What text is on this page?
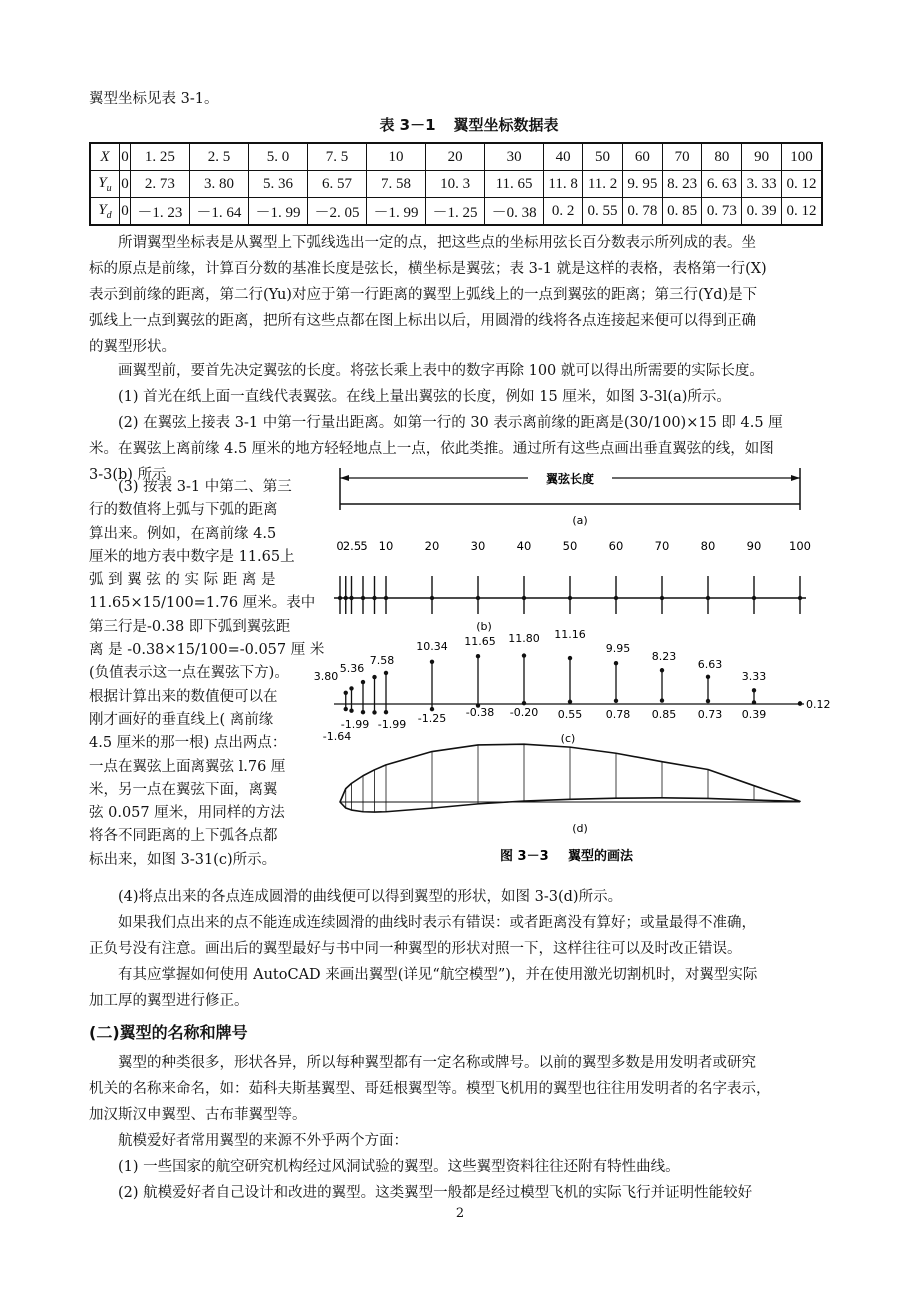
翼型坐标见表 3-1。

表 3－1 翼型坐标数据表
X	0	1. 25	2. 5	5. 0	7. 5	10	20	30	40	50	60	70	80	90	100
$Y_u$	0	2. 73	3. 80	5. 36	6. 57	7. 58	10. 3	11. 65	11. 8	11. 2	9. 95	8. 23	6. 63	3. 33	0. 12
$Y_d$	0	－1. 23	－1. 64	－1. 99	－2. 05	－1. 99	－1. 25	－0. 38	0. 2	0. 55	0. 78	0. 85	0. 73	0. 39	0. 12
所谓翼型坐标表是从翼型上下弧线选出一定的点，把这些点的坐标用弦长百分数表示所列成的表。坐
标的原点是前缘，计算百分数的基准长度是弦长，横坐标是翼弦；表 3-1 就是这样的表格，表格第一行(X)
表示到前缘的距离，第二行(Yu)对应于第一行距离的翼型上弧线上的一点到翼弦的距离；第三行(Yd)是下
弧线上一点到翼弦的距离，把所有这些点都在图上标出以后，用圆滑的线将各点连接起来便可以得到正确
的翼型形状。

画翼型前，要首先决定翼弦的长度。将弦长乘上表中的数字再除 100 就可以得出所需要的实际长度。

(1) 首光在纸上面一直线代表翼弦。在线上量出翼弦的长度，例如 15 厘米，如图 3-3l(a)所示。

(2) 在翼弦上接表 3-1 中第一行量出距离。如第一行的 30 表示离前缘的距离是(30/100)×15 即 4.5 厘
米。在翼弦上离前缘 4.5 厘米的地方轻轻地点上一点，依此类推。通过所有这些点画出垂直翼弦的线，如图
3-3(b) 所示。
(3) 按表 3-1 中第二、第三
行的数值将上弧与下弧的距离
算出来。例如，在离前缘 4.5
厘米的地方表中数字是 11.65上
弧 到 翼 弦 的 实 际 距 离 是
11.65×15/100=1.76 厘米。表中
第三行是-0.38 即下弧到翼弦距
离 是 -0.38×15/100=-0.057 厘 米
(负值表示这一点在翼弦下方)。
根据计算出来的数值便可以在
刚才画好的垂直线上( 离前缘
4.5 厘米的那一根) 点出两点：
一点在翼弦上面离翼弦 l.76 厘
米，另一点在翼弦下面，离翼
弦 0.057 厘米，用同样的方法
将各不同距离的上下弧各点都
标出来，如图 3-31(c)所示。
翼弦长度
(a)
0 2.5 5 10	20	30	40	50	60	70	80	90 100
(b)
3.80
5.36
7.58
10.34 11.65 11.80 11.16
9.95
8.23
6.63
3.33
-1.64
-1.99 -1.99 -1.25 -0.38 -0.20 0.55 0.78 0.85 0.73 0.39
0.12
(c)
(d)
图 3－3 翼型的画法

(4)将点出来的各点连成圆滑的曲线便可以得到翼型的形状，如图 3-3(d)所示。

如果我们点出来的点不能连成连续圆滑的曲线时表示有错误：或者距离没有算好；或量最得不准确，
正负号没有注意。画出后的翼型最好与书中同一种翼型的形状对照一下，这样往往可以及时改正错误。
有其应掌握如何使用 AutoCAD 来画出翼型(详见“航空模型”)，并在使用激光切割机时，对翼型实际
加工厚的翼型进行修正。
(二)翼型的名称和牌号
翼型的种类很多，形状各异，所以每种翼型都有一定名称或牌号。以前的翼型多数是用发明者或研究
机关的名称来命名，如：茹科夫斯基翼型、哥廷根翼型等。模型飞机用的翼型也往往用发明者的名字表示，
加汉斯汉申翼型、古布菲翼型等。

航模爱好者常用翼型的来源不外乎两个方面：

(1) 一些国家的航空研究机构经过风洞试验的翼型。这些翼型资料往往还附有特性曲线。

(2) 航模爱好者自己设计和改进的翼型。这类翼型一般都是经过模型飞机的实际飞行并证明性能较好

2
